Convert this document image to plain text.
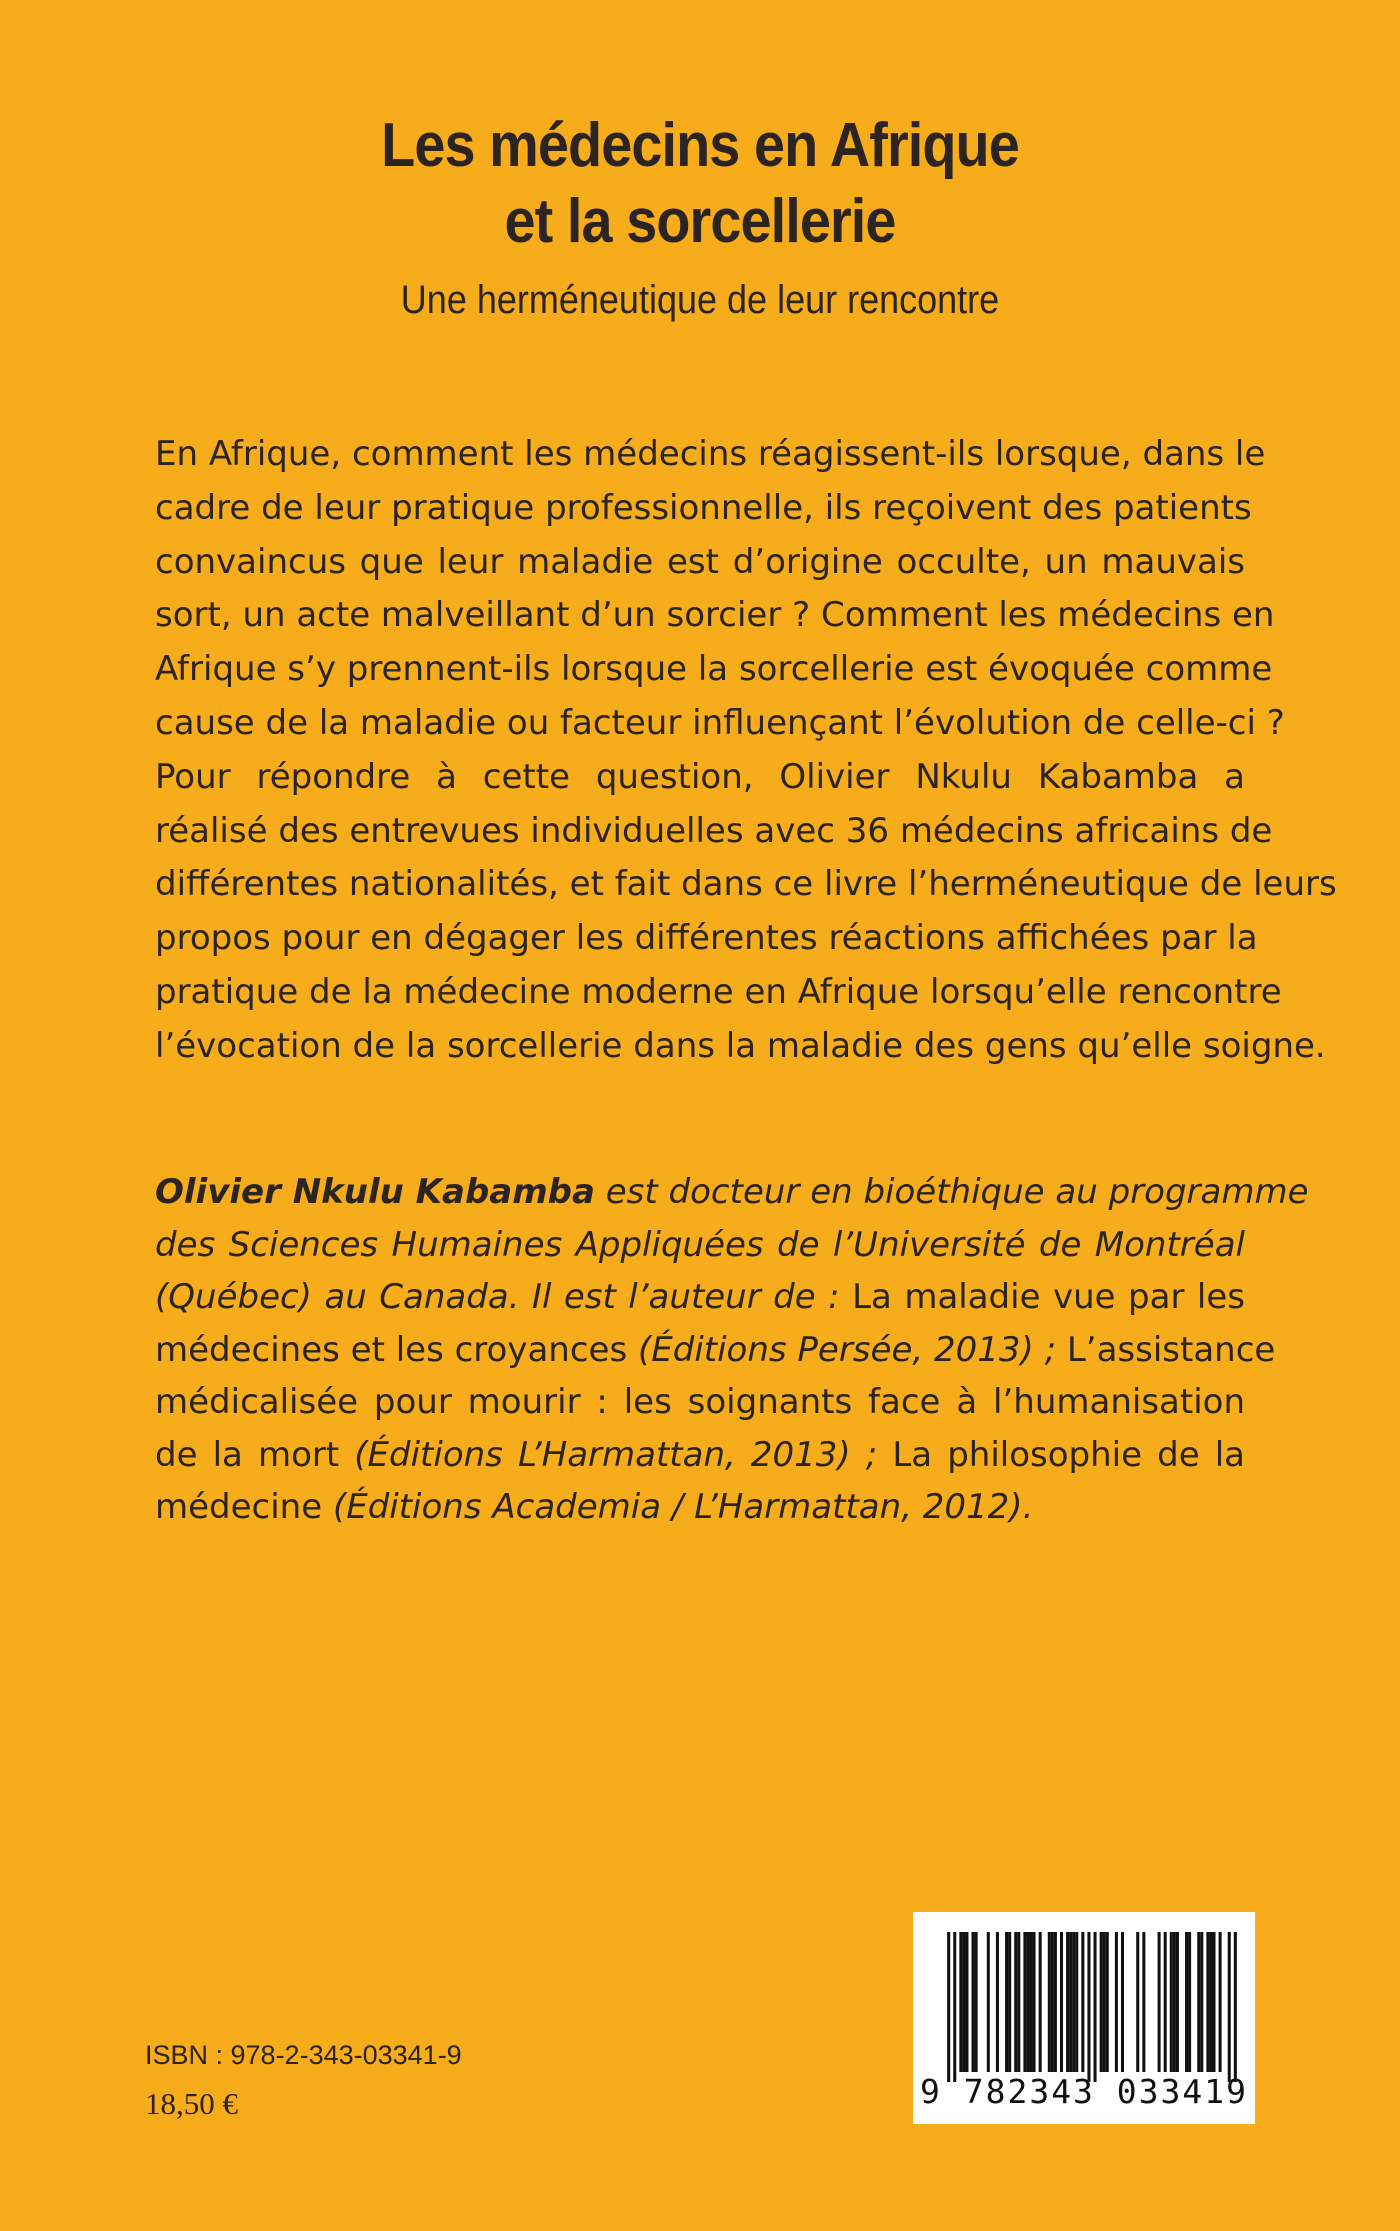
Les médecins en Afrique
et la sorcellerie
Une herméneutique de leur rencontre
En Afrique, comment les médecins réagissent-ils lorsque, dans le
cadre de leur pratique professionnelle, ils reçoivent des patients
convaincus que leur maladie est d’origine occulte, un mauvais
sort, un acte malveillant d’un sorcier ? Comment les médecins en
Afrique s’y prennent-ils lorsque la sorcellerie est évoquée comme
cause de la maladie ou facteur influençant l’évolution de celle-ci ?
Pour répondre à cette question, Olivier Nkulu Kabamba a
réalisé des entrevues individuelles avec 36 médecins africains de
différentes nationalités, et fait dans ce livre l’herméneutique de leurs
propos pour en dégager les différentes réactions affichées par la
pratique de la médecine moderne en Afrique lorsqu’elle rencontre
l’évocation de la sorcellerie dans la maladie des gens qu’elle soigne.
Olivier Nkulu Kabamba est docteur en bioéthique au programme
des Sciences Humaines Appliquées de l’Université de Montréal
(Québec) au Canada. Il est l’auteur de : La maladie vue par les
médecines et les croyances (Éditions Persée, 2013) ; L’assistance
médicalisée pour mourir : les soignants face à l’humanisation
de la mort (Éditions L’Harmattan, 2013) ; La philosophie de la
médecine (Éditions Academia / L’Harmattan, 2012).
ISBN : 978-2-343-03341-9
18,50 €	9 782343 033419
